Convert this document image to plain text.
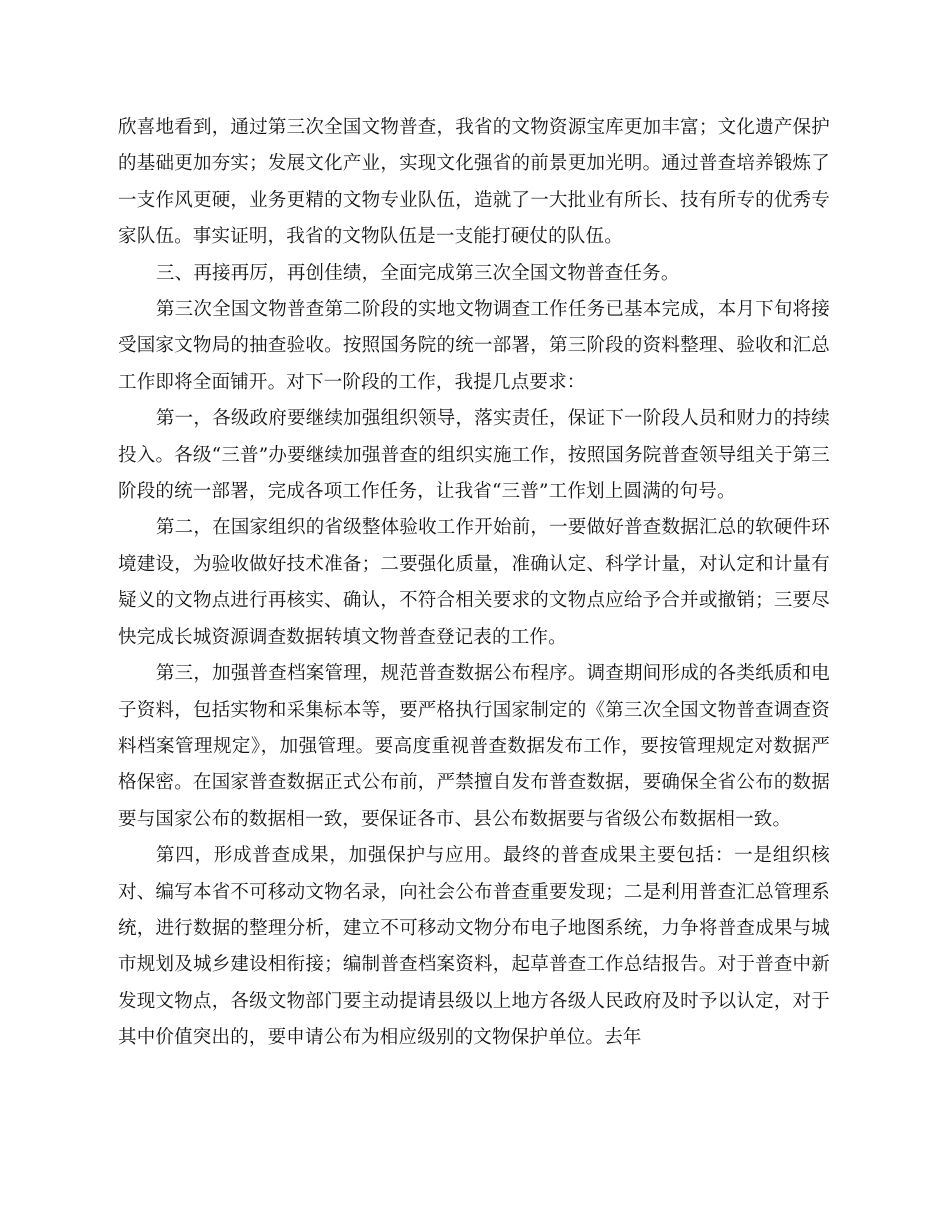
欣喜地看到，通过第三次全国文物普查，我省的文物资源宝库更加丰富；文化遗产保护的基础更加夯实；发展文化产业，实现文化强省的前景更加光明。通过普查培养锻炼了一支作风更硬，业务更精的文物专业队伍，造就了一大批业有所长、技有所专的优秀专家队伍。事实证明，我省的文物队伍是一支能打硬仗的队伍。

三、再接再厉，再创佳绩，全面完成第三次全国文物普查任务。

第三次全国文物普查第二阶段的实地文物调查工作任务已基本完成，本月下旬将接受国家文物局的抽查验收。按照国务院的统一部署，第三阶段的资料整理、验收和汇总工作即将全面铺开。对下一阶段的工作，我提几点要求：

第一，各级政府要继续加强组织领导，落实责任，保证下一阶段人员和财力的持续投入。各级“三普”办要继续加强普查的组织实施工作，按照国务院普查领导组关于第三阶段的统一部署，完成各项工作任务，让我省“三普”工作划上圆满的句号。

第二，在国家组织的省级整体验收工作开始前，一要做好普查数据汇总的软硬件环境建设，为验收做好技术准备；二要强化质量，准确认定、科学计量，对认定和计量有疑义的文物点进行再核实、确认，不符合相关要求的文物点应给予合并或撤销；三要尽快完成长城资源调查数据转填文物普查登记表的工作。

第三，加强普查档案管理，规范普查数据公布程序。调查期间形成的各类纸质和电子资料，包括实物和采集标本等，要严格执行国家制定的《第三次全国文物普查调查资料档案管理规定》，加强管理。要高度重视普查数据发布工作，要按管理规定对数据严格保密。在国家普查数据正式公布前，严禁擅自发布普查数据，要确保全省公布的数据要与国家公布的数据相一致，要保证各市、县公布数据要与省级公布数据相一致。

第四，形成普查成果，加强保护与应用。最终的普查成果主要包括：一是组织核对、编写本省不可移动文物名录，向社会公布普查重要发现；二是利用普查汇总管理系统，进行数据的整理分析，建立不可移动文物分布电子地图系统，力争将普查成果与城市规划及城乡建设相衔接；编制普查档案资料，起草普查工作总结报告。对于普查中新发现文物点，各级文物部门要主动提请县级以上地方各级人民政府及时予以认定，对于其中价值突出的，要申请公布为相应级别的文物保护单位。去年
